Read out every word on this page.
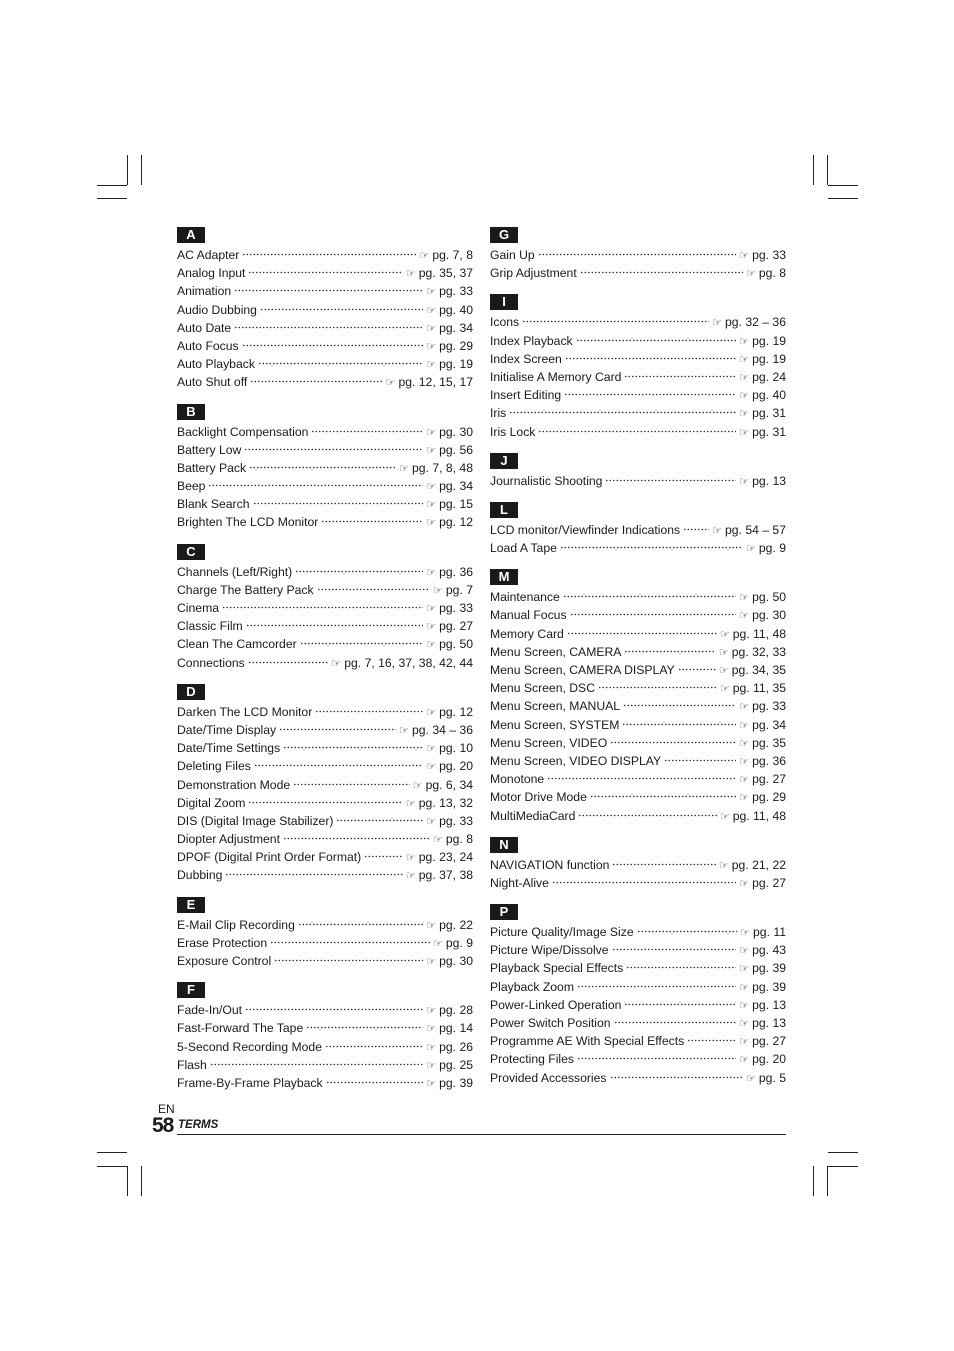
A
AC Adapter	☞ pg. 7, 8
Analog Input	☞ pg. 35, 37
Animation	☞ pg. 33
Audio Dubbing	☞ pg. 40
Auto Date	☞ pg. 34
Auto Focus	☞ pg. 29
Auto Playback	☞ pg. 19
Auto Shut off	☞ pg. 12, 15, 17
B
Backlight Compensation	☞ pg. 30
Battery Low	☞ pg. 56
Battery Pack	☞ pg. 7, 8, 48
Beep	☞ pg. 34
Blank Search	☞ pg. 15
Brighten The LCD Monitor	☞ pg. 12
C
Channels (Left/Right)	☞ pg. 36
Charge The Battery Pack	☞ pg. 7
Cinema	☞ pg. 33
Classic Film	☞ pg. 27
Clean The Camcorder	☞ pg. 50
Connections	☞ pg. 7, 16, 37, 38, 42, 44
D
Darken The LCD Monitor	☞ pg. 12
Date/Time Display	☞ pg. 34 – 36
Date/Time Settings	☞ pg. 10
Deleting Files	☞ pg. 20
Demonstration Mode	☞ pg. 6, 34
Digital Zoom	☞ pg. 13, 32
DIS (Digital Image Stabilizer)	☞ pg. 33
Diopter Adjustment	☞ pg. 8
DPOF (Digital Print Order Format)	☞ pg. 23, 24
Dubbing	☞ pg. 37, 38
E
E-Mail Clip Recording	☞ pg. 22
Erase Protection	☞ pg. 9
Exposure Control	☞ pg. 30
F
Fade-In/Out	☞ pg. 28
Fast-Forward The Tape	☞ pg. 14
5-Second Recording Mode	☞ pg. 26
Flash	☞ pg. 25
Frame-By-Frame Playback	☞ pg. 39
G
Gain Up	☞ pg. 33
Grip Adjustment	☞ pg. 8
I
Icons	☞ pg. 32 – 36
Index Playback	☞ pg. 19
Index Screen	☞ pg. 19
Initialise A Memory Card	☞ pg. 24
Insert Editing	☞ pg. 40
Iris	☞ pg. 31
Iris Lock	☞ pg. 31
J
Journalistic Shooting	☞ pg. 13
L
LCD monitor/Viewfinder Indications	☞ pg. 54 – 57
Load A Tape	☞ pg. 9
M
Maintenance	☞ pg. 50
Manual Focus	☞ pg. 30
Memory Card	☞ pg. 11, 48
Menu Screen, CAMERA	☞ pg. 32, 33
Menu Screen, CAMERA DISPLAY	☞ pg. 34, 35
Menu Screen, DSC	☞ pg. 11, 35
Menu Screen, MANUAL	☞ pg. 33
Menu Screen, SYSTEM	☞ pg. 34
Menu Screen, VIDEO	☞ pg. 35
Menu Screen, VIDEO DISPLAY	☞ pg. 36
Monotone	☞ pg. 27
Motor Drive Mode	☞ pg. 29
MultiMediaCard	☞ pg. 11, 48
N
NAVIGATION function	☞ pg. 21, 22
Night-Alive	☞ pg. 27
P
Picture Quality/Image Size	☞ pg. 11
Picture Wipe/Dissolve	☞ pg. 43
Playback Special Effects	☞ pg. 39
Playback Zoom	☞ pg. 39
Power-Linked Operation	☞ pg. 13
Power Switch Position	☞ pg. 13
Programme AE With Special Effects	☞ pg. 27
Protecting Files	☞ pg. 20
Provided Accessories	☞ pg. 5
EN
58 TERMS
